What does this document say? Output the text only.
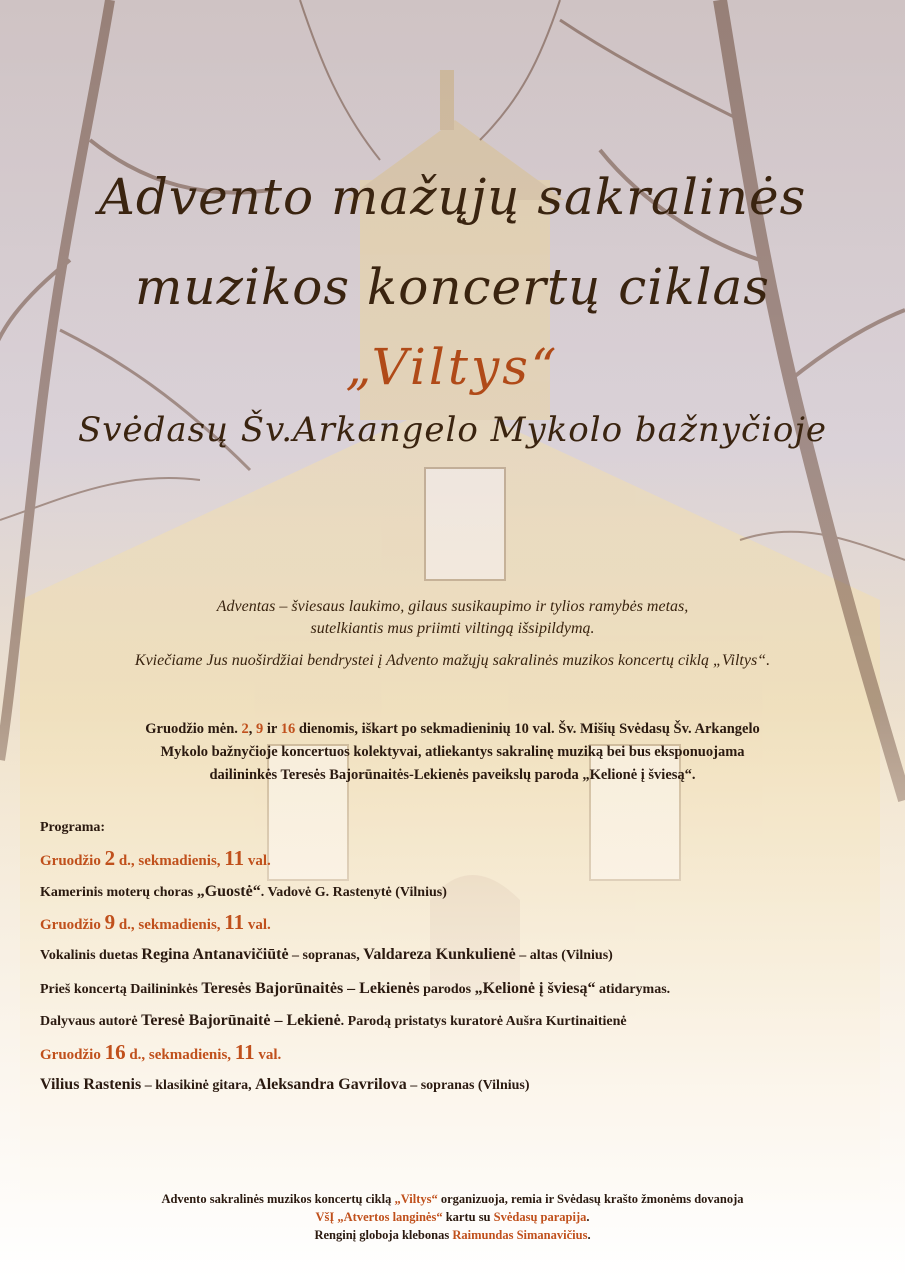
Advento mažųjų sakralinės
muzikos koncertų ciklas
„Viltys“
Svėdasų Šv.Arkangelo Mykolo bažnyčioje
Adventas – šviesaus laukimo, gilaus susikaupimo ir tylios ramybės metas,
sutelkiantis mus priimti viltingą išsipildymą.
Kviečiame Jus nuoširdžiai bendrystei į Advento mažųjų sakralinės muzikos koncertų ciklą „Viltys“.
Gruodžio mėn. 2, 9 ir 16 dienomis, iškart po sekmadieninių 10 val. Šv. Mišių Svėdasų Šv. Arkangelo
Mykolo bažnyčioje koncertuos kolektyvai, atliekantys sakralinę muziką bei bus eksponuojama
dailininkės Teresės Bajorūnaitės-Lekienės paveikslų paroda „Kelionė į šviesą“.
Programa:
Gruodžio 2 d., sekmadienis, 11 val.
Kamerinis moterų choras „Guostė“. Vadovė G. Rastenytė (Vilnius)
Gruodžio 9 d., sekmadienis, 11 val.
Vokalinis duetas Regina Antanavičiūtė – sopranas, Valdareza Kunkulienė – altas (Vilnius)
Prieš koncertą Dailininkės Teresės Bajorūnaitės – Lekienės parodos „Kelionė į šviesą“ atidarymas.
Dalyvaus autorė Teresė Bajorūnaitė – Lekienė. Parodą pristatys kuratorė Aušra Kurtinaitienė
Gruodžio 16 d., sekmadienis, 11 val.
Vilius Rastenis – klasikinė gitara, Aleksandra Gavrilova – sopranas (Vilnius)
Advento sakralinės muzikos koncertų ciklą „Viltys“ organizuoja, remia ir Svėdasų krašto žmonėms dovanoja
VšĮ „Atvertos langinės“ kartu su Svėdasų parapija.
Renginį globoja klebonas Raimundas Simanavičius.
